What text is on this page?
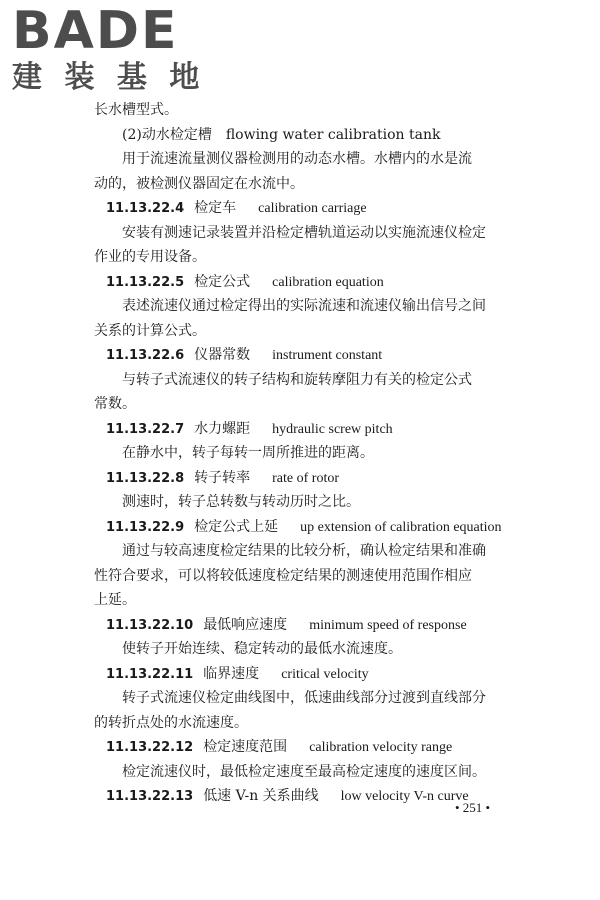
BADE
建 装 基 地
长水槽型式。
(2)动水检定槽　flowing water calibration tank
用于流速流量测仪器检测用的动态水槽。水槽内的水是流
动的，被检测仪器固定在水流中。
11.13.22.4 检定车 calibration carriage
安装有测速记录装置并沿检定槽轨道运动以实施流速仪检定
作业的专用设备。
11.13.22.5 检定公式 calibration equation
表述流速仪通过检定得出的实际流速和流速仪输出信号之间
关系的计算公式。
11.13.22.6 仪器常数 instrument constant
与转子式流速仪的转子结构和旋转摩阻力有关的检定公式
常数。
11.13.22.7 水力螺距 hydraulic screw pitch
在静水中，转子每转一周所推进的距离。
11.13.22.8 转子转率 rate of rotor
测速时，转子总转数与转动历时之比。
11.13.22.9 检定公式上延 up extension of calibration equation
通过与较高速度检定结果的比较分析，确认检定结果和准确
性符合要求，可以将较低速度检定结果的测速使用范围作相应
上延。
11.13.22.10 最低响应速度 minimum speed of response
使转子开始连续、稳定转动的最低水流速度。
11.13.22.11 临界速度 critical velocity
转子式流速仪检定曲线图中，低速曲线部分过渡到直线部分
的转折点处的水流速度。
11.13.22.12 检定速度范围 calibration velocity range
检定流速仪时，最低检定速度至最高检定速度的速度区间。
11.13.22.13 低速 V-n 关系曲线 low velocity V-n curve
• 251 •
